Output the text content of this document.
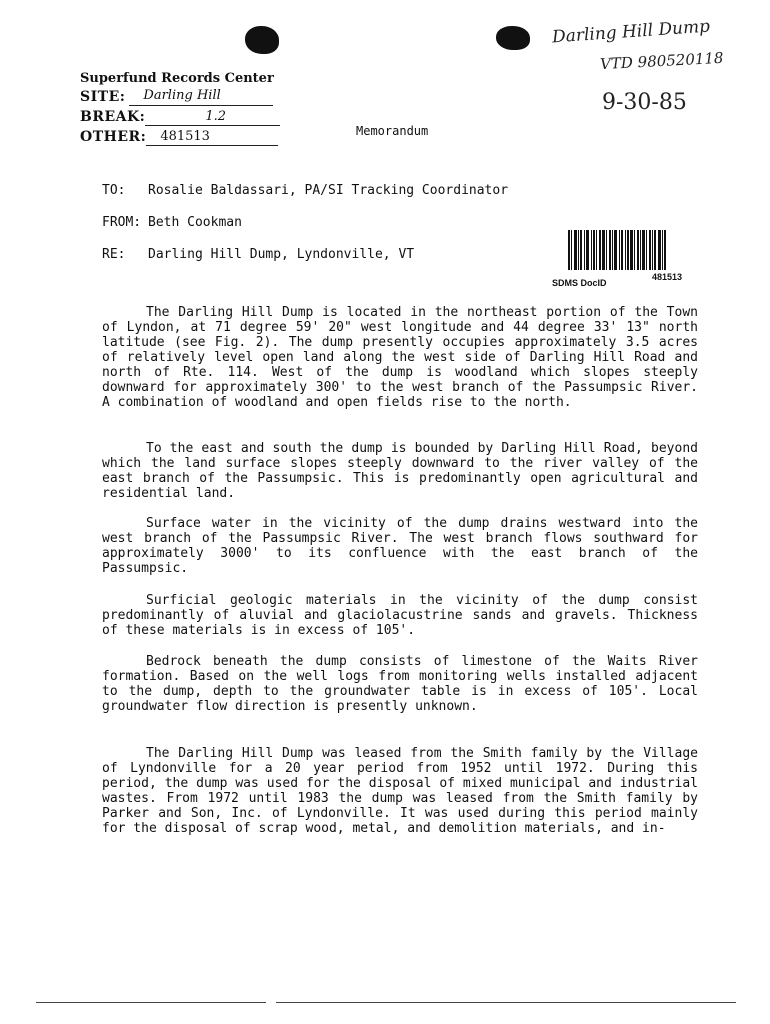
Darling Hill Dump
VTD 980520118
9-30-85
Superfund Records Center
SITE:	Darling Hill
BREAK:	1.2
OTHER:	481513	Memorandum
TO: Rosalie Baldassari, PA/SI Tracking Coordinator
FROM: Beth Cookman
RE: Darling Hill Dump, Lyndonville, VT
SDMS DocID
481513

The Darling Hill Dump is located in the northeast portion of the Town of Lyndon, at 71 degree 59' 20" west longitude and 44 degree 33' 13" north latitude (see Fig. 2). The dump presently occupies approximately 3.5 acres of relatively level open land along the west side of Darling Hill Road and north of Rte. 114. West of the dump is woodland which slopes steeply downward for approximately 300' to the west branch of the Passumpsic River. A combination of woodland and open fields rise to the north.

To the east and south the dump is bounded by Darling Hill Road, beyond which the land surface slopes steeply downward to the river valley of the east branch of the Passumpsic. This is predominantly open agricultural and residential land.

Surface water in the vicinity of the dump drains westward into the west branch of the Passumpsic River. The west branch flows southward for approximately 3000' to its confluence with the east branch of the Passumpsic.

Surficial geologic materials in the vicinity of the dump consist predominantly of aluvial and glaciolacustrine sands and gravels. Thickness of these materials is in excess of 105'.

Bedrock beneath the dump consists of limestone of the Waits River formation. Based on the well logs from monitoring wells installed adjacent to the dump, depth to the groundwater table is in excess of 105'. Local groundwater flow direction is presently unknown.

The Darling Hill Dump was leased from the Smith family by the Village of Lyndonville for a 20 year period from 1952 until 1972. During this period, the dump was used for the disposal of mixed municipal and industrial wastes. From 1972 until 1983 the dump was leased from the Smith family by Parker and Son, Inc. of Lyndonville. It was used during this period mainly for the disposal of scrap wood, metal, and demolition materials, and in-
